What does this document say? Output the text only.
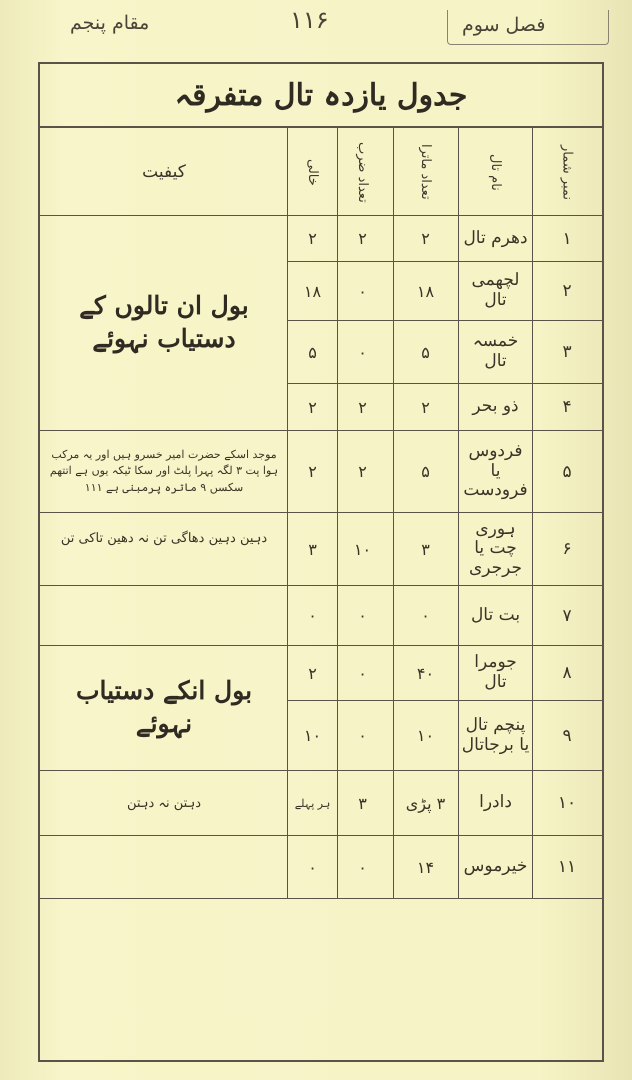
مقام پنجم	۱۱۶	فصل سوم
جدول یازدہ تال متفرقہ
نمبر شمار
نام تال
تعداد ماترا
تعداد ضرب
خالی
کیفیت
۱
دھرم تال
۲
۲
۲
۲
لچھمی تال
۱۸
۰
۱۸
۳
خمسہ تال
۵
۰
۵
۴
ذو بحر
۲
۲
۲
بول ان تالوں کے دستیاب نہوئے
۵
فردوس یا فرودست
۵
۲
۲
موجد اسکے حضرت امیر خسرو ہیں اور یہ مرکب ہوا پت ۳ لگہ پہرا پلٹ اور سکا ٹیکہ یوں ہے اتتھم سکسں ۹ ماترہ پرمبنی ہے ۱۱۱
۶
ہوری چت یا جرجری
۳
۱۰
۳
دہین دہین دھاگی تن نہ دھین تاکی تن
۷
بت تال
۰
۰
۰
۸
جومرا تال
۴۰
۰
۲
۹
پنچم تال یا برجاتال
۱۰
۰
۱۰
بول انکے دستیاب نہوئے
۱۰
دادرا
۳ پڑی
۳
ہر پہلے
دہتن نہ دہتن
۱۱
خیرموس
۱۴
۰
۰
